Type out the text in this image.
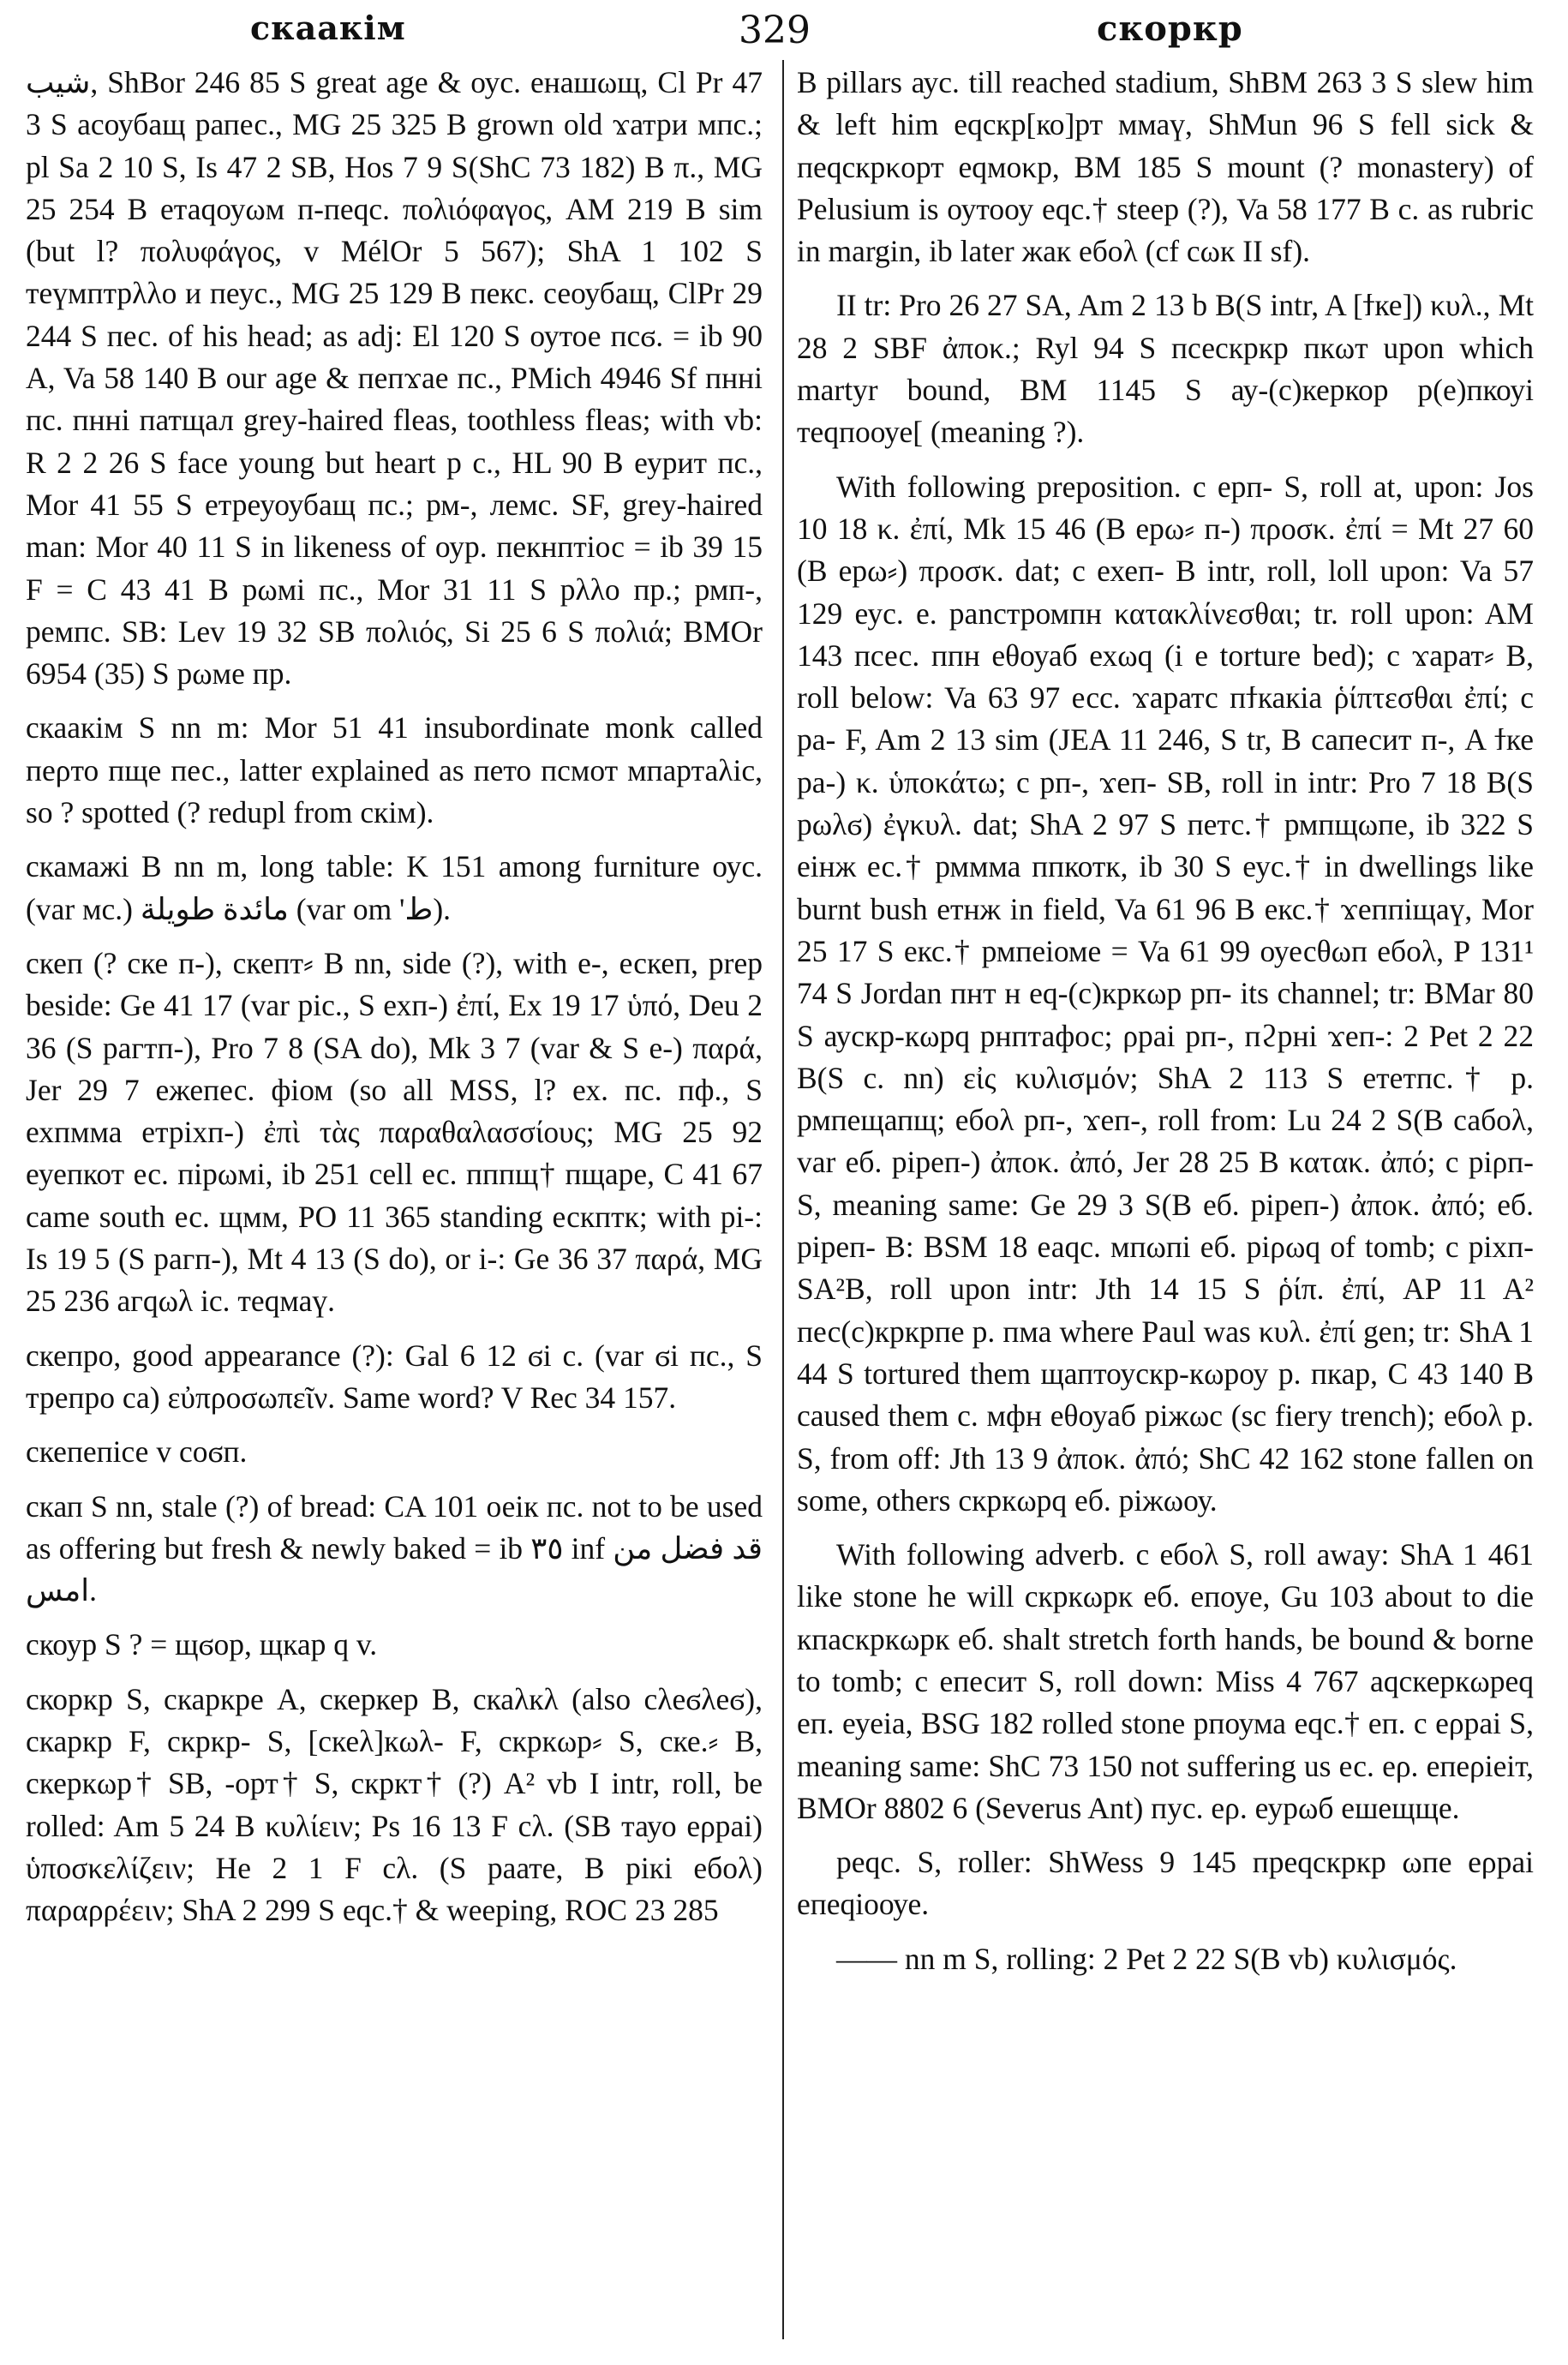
скаакім	329	скоркр

شيب, ShBor 246 85 S great age & оус. енашωщ, Cl Pr 47 3 S асоубащ рапес., MG 25 325 B grown old ϫатри мпс.; pl Sa 2 10 S, Is 47 2 SB, Hos 7 9 S(ShC 73 182) B π., MG 25 254 B етаqоуωм п-пеqс. πολιόφαγος, AM 219 B sim (but l? πολυφάγος, v MélOr 5 567); ShA 1 102 S теүмптрλλо и пеус., MG 25 129 B пекс. сеоубащ, ClPr 29 244 S пес. of his head; as adj: El 120 S оутое псϭ. = ib 90 A, Va 58 140 B our age & пепϫае пс., PMich 4946 Sf пнні пс. пнні патщал grey-haired fleas, toothless fleas; with vb: R 2 2 26 S face young but heart р с., HL 90 B еурит пс., Mor 41 55 S етреуоубащ пс.; рм-, лемс. SF, grey-haired man: Mor 40 11 S in likeness of оур. пекнптіос = ib 39 15 F = C 43 41 B рωмі пс., Mor 31 11 S рλλо пр.; рмп-, ремпс. SB: Lev 19 32 SB πολιός, Si 25 6 S πολιά; BMOr 6954 (35) S рωме пр.

скаакім S nn m: Mor 51 41 insubordinate monk called пеρто пще пес., latter explained as пето псмот мпартаλіс, so ? spotted (? redupl from скім).

скамажі B nn m, long table: K 151 among furniture оус. (var мс.) مائدة طويلة (var om 'ط).

скеп (? ске п-), скепт⸗ B nn, side (?), with е-, ескеп, prep beside: Ge 41 17 (var ріс., S ехп-) ἐπί, Ex 19 17 ὑπό, Deu 2 36 (S рагтп-), Pro 7 8 (SA do), Mk 3 7 (var & S е-) παρά, Jer 29 7 ежепес. фіом (so all MSS, l? ех. пс. пф., S ехпмма етріхп-) ἐπὶ τὰς παραθαλασσίους; MG 25 92 еуепкот ес. пірωмі, ib 251 cell ес. пппщ† пщаре, C 41 67 came south ес. щмм, PO 11 365 standing ескптк; with рі-: Is 19 5 (S рагп-), Mt 4 13 (S do), or і-: Ge 36 37 παρά, MG 25 236 агqωλ іс. теqмаү.

скепро, good appearance (?): Gal 6 12 ϭі с. (var ϭі пс., S трепро са) εὐπροσωπεῖν. Same word? V Rec 34 157.

скепепісе v соϭп.

скап S nn, stale (?) of bread: CA 101 оеік пс. not to be used as offering but fresh & newly baked = ib ٣٥ inf قد فضل من امس.

скоур S ? = щϭор, щкар q v.

скоркр S, скаркре A, скеркер B, скаλкλ (also сλеϭλеϭ), скаркр F, скркр- S, [скеλ]кωλ- F, скркωр⸗ S, ске.⸗ B, скеркωр† SB, -орт† S, скркт† (?) A² vb I intr, roll, be rolled: Am 5 24 B κυλίειν; Ps 16 13 F сλ. (SB тауо еρраі) ὑποσκελίζειν; He 2 1 F сλ. (S раате, B рікі ебоλ) παραρρέειν; ShA 2 299 S еqс.† & weeping, ROC 23 285

B pillars аус. till reached stadium, ShBM 263 3 S slew him & left him еqскр[ко]рт ммаү, ShMun 96 S fell sick & пеqскрκорт еqмоκр, BM 185 S mount (? monastery) of Pelusium is оутооу еqс.† steep (?), Va 58 177 B с. as rubric in margin, ib later жак ебоλ (cf сωк II sf).

II tr: Pro 26 27 SA, Am 2 13 b B(S intr, A [ϯке]) κυλ., Mt 28 2 SBF ἀποκ.; Ryl 94 S псеcкркр пкωт upon which martyr bound, BM 1145 S ау-(с)керкор р(е)пкоуі теqпооуе[ (meaning ?).

With following preposition. с ерп- S, roll at, upon: Jos 10 18 κ. ἐπί, Mk 15 46 (B ерω⸗ п-) προσκ. ἐπί = Mt 27 60 (B ерω⸗) προσκ. dat; с ехеп- B intr, roll, loll upon: Va 57 129 еус. е. раnстромпн κατακλίνεσθαι; tr. roll upon: AM 143 псес. ппн еθоуаб ехωq (i e torture bed); с ϫарат⸗ B, roll below: Va 63 97 есс. ϫаратс пϯкакіа ῥίπτεσθαι ἐπί; с ра- F, Am 2 13 sim (JEA 11 246, S tr, B сапесит п-, A ϯке ра-) κ. ὑποκάτω; с рп-, ϫеп- SB, roll in intr: Pro 7 18 B(S рωλϭ) ἐγκυλ. dat; ShA 2 97 S петс.† рмпщωпе, ib 322 S еінж ес.† рммма ппкотк, ib 30 S еус.† in dwellings like burnt bush етнж in field, Va 61 96 B екс.† ϫеппіщаү, Mor 25 17 S екс.† рмпеіоме = Va 61 99 оуесθωп ебоλ, P 131¹ 74 S Jordan пнт н еq-(с)кркωр рп- its channel; tr: BMar 80 S ауcкр-кωрq рнптафос; ρраі рп-, пϩрні ϫеп-: 2 Pet 2 22 B(S с. nn) εἰς κυλισμόν; ShA 2 113 S ететпс.† р. рмпещапщ; ебоλ рп-, ϫеп-, roll from: Lu 24 2 S(B сабоλ, var еб. ріреп-) ἀποκ. ἀπό, Jer 28 25 B κατακ. ἀπό; с ріρп- S, meaning same: Ge 29 3 S(B еб. ріреп-) ἀποκ. ἀπό; еб. ріреп- B: BSM 18 еаqс. мпωпі еб. ріρωq of tomb; с ріхп-SA²B, roll upon intr: Jth 14 15 S ῥίπ. ἐπί, AP 11 A² пес(с)кркрпе р. пма where Paul was κυλ. ἐπί gen; tr: ShA 1 44 S tortured them щаптоуcкр-кωроу р. пкар, C 43 140 B caused them с. мфн еθоуаб ріжωс (sc fiery trench); ебоλ р. S, from off: Jth 13 9 ἀποκ. ἀπό; ShC 42 162 stone fallen on some, others скркωрq еб. ріжωоу.

With following adverb. с ебоλ S, roll away: ShA 1 461 like stone he will скркωрк еб. епоуе, Gu 103 about to die кпаcкркωрк еб. shalt stretch forth hands, be bound & borne to tomb; с епесит S, roll down: Miss 4 767 аqскеркωреq еп. еуеіа, BSG 182 rolled stone рпоума еqс.† еп. с еρраі S, meaning same: ShC 73 150 not suffering us ес. еρ. епеρіеіт, BMOr 8802 6 (Severus Ant) пус. еρ. еурωб ешещще.

реqс. S, roller: ShWess 9 145 преqскркр ωпе еρраі епеqіооуе.

—— nn m S, rolling: 2 Pet 2 22 S(B vb) κυλισμός.
